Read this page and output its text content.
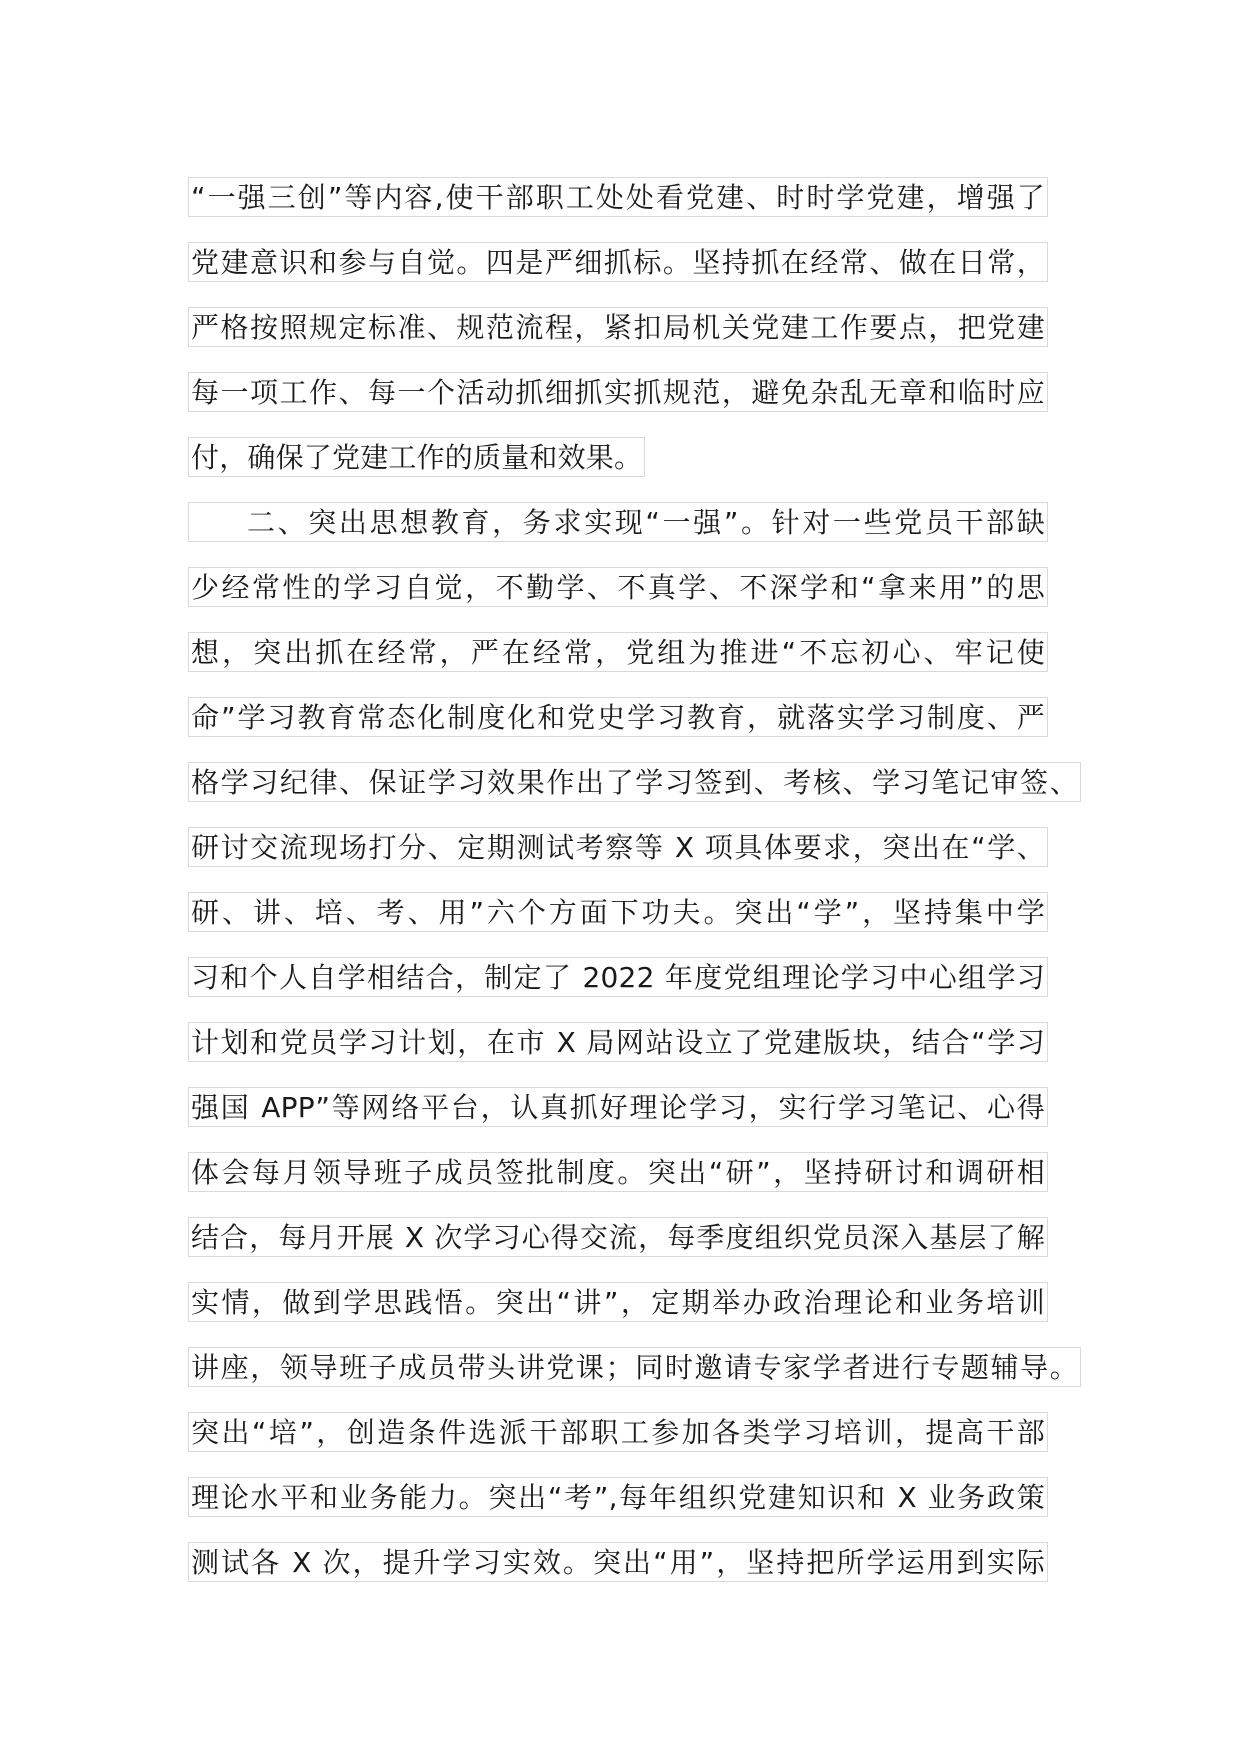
“一强三创”等内容,使干部职工处处看党建、时时学党建，增强了
党建意识和参与自觉。四是严细抓标。坚持抓在经常、做在日常，
严格按照规定标准、规范流程，紧扣局机关党建工作要点，把党建
每一项工作、每一个活动抓细抓实抓规范，避免杂乱无章和临时应
付，确保了党建工作的质量和效果。
二、突出思想教育，务求实现“一强”。针对一些党员干部缺
少经常性的学习自觉，不勤学、不真学、不深学和“拿来用”的思
想，突出抓在经常，严在经常，党组为推进“不忘初心、牢记使
命”学习教育常态化制度化和党史学习教育，就落实学习制度、严
格学习纪律、保证学习效果作出了学习签到、考核、学习笔记审签、
研讨交流现场打分、定期测试考察等 X 项具体要求，突出在“学、
研、讲、培、考、用”六个方面下功夫。突出“学”，坚持集中学
习和个人自学相结合，制定了 2022 年度党组理论学习中心组学习
计划和党员学习计划，在市 X 局网站设立了党建版块，结合“学习
强国 APP”等网络平台，认真抓好理论学习，实行学习笔记、心得
体会每月领导班子成员签批制度。突出“研”，坚持研讨和调研相
结合，每月开展 X 次学习心得交流，每季度组织党员深入基层了解
实情，做到学思践悟。突出“讲”，定期举办政治理论和业务培训
讲座，领导班子成员带头讲党课；同时邀请专家学者进行专题辅导。
突出“培”，创造条件选派干部职工参加各类学习培训，提高干部
理论水平和业务能力。突出“考”,每年组织党建知识和 X 业务政策
测试各 X 次，提升学习实效。突出“用”，坚持把所学运用到实际
